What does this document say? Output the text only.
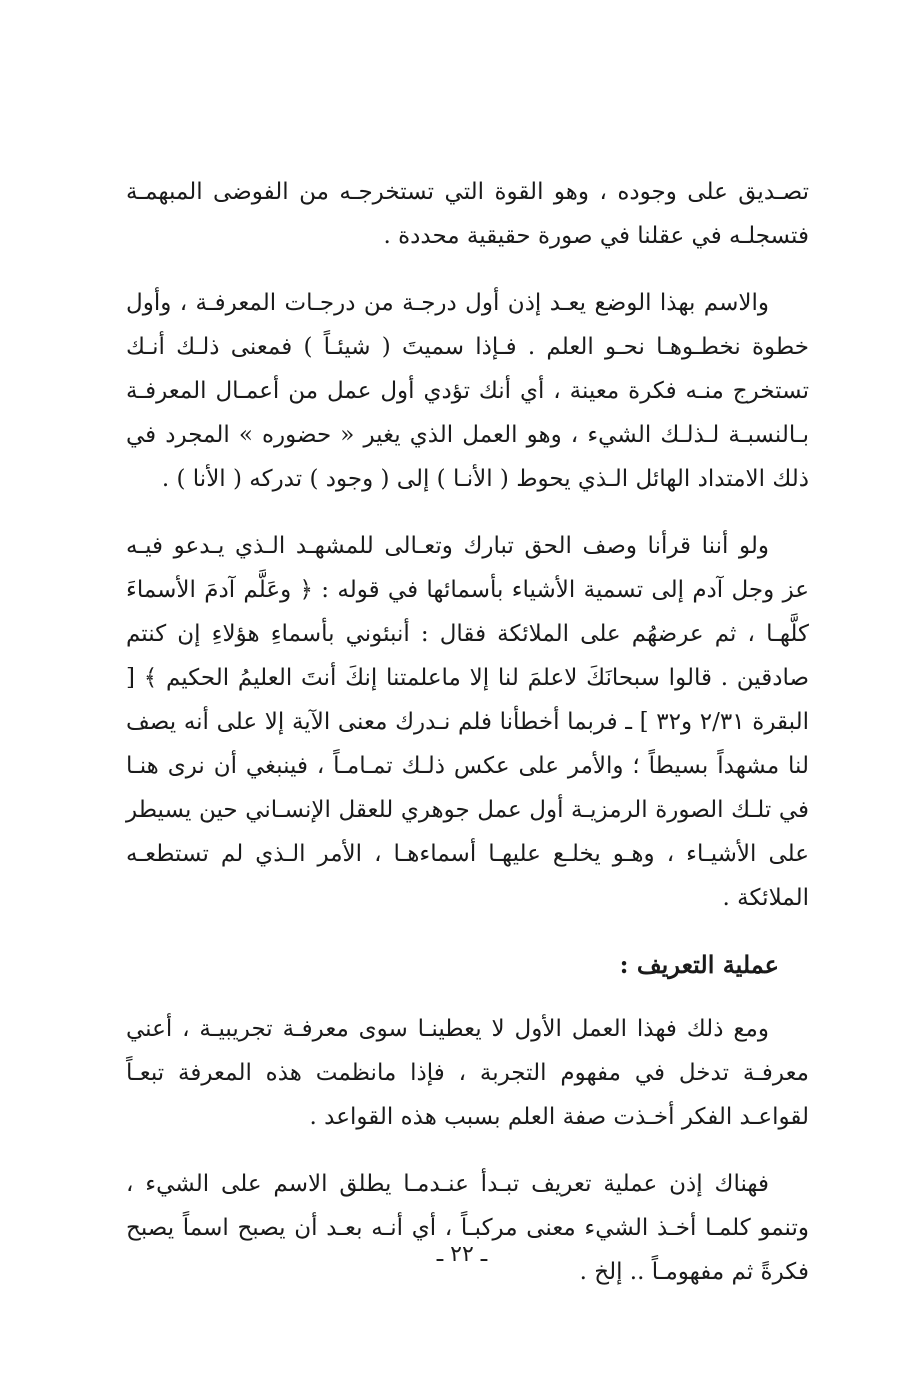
تصـديق على وجوده ، وهو القوة التي تستخرجـه من الفوضى المبهمـة فتسجلـه في عقلنا في صورة حقيقية محددة .

والاسم بهذا الوضع يعـد إذن أول درجـة من درجـات المعرفـة ، وأول خطوة نخطـوهـا نحـو العلم . فـإذا سميتَ ( شيئـاً ) فمعنى ذلـك أنـك تستخرج منـه فكرة معينة ، أي أنك تؤدي أول عمل من أعمـال المعرفـة بـالنسبـة لـذلـك الشيء ، وهو العمل الذي يغير « حضوره » المجرد في ذلك الامتداد الهائل الـذي يحوط ( الأنـا ) إلى ( وجود ) تدركه ( الأنا ) .

ولو أننا قرأنا وصف الحق تبارك وتعـالى للمشهـد الـذي يـدعو فيـه عز وجل آدم إلى تسمية الأشياء بأسمائها في قوله : ﴿ وعَلَّم آدمَ الأسماءَ كلَّهـا ، ثم عرضهُم على الملائكة فقال : أنبئوني بأسماءِ هؤلاءِ إن كنتم صادقين . قالوا سبحانَكَ لاعلمَ لنا إلا ماعلمتنا إنكَ أنتَ العليمُ الحكيم ﴾ [ البقرة ٢/٣١ و٣٢ ] ـ فربما أخطأنا فلم نـدرك معنى الآية إلا على أنه يصف لنا مشهداً بسيطاً ؛ والأمر على عكس ذلـك تمـامـاً ، فينبغي أن نرى هنـا في تلـك الصورة الرمزيـة أول عمل جوهري للعقل الإنسـاني حين يسيطر على الأشيـاء ، وهـو يخلـع عليهـا أسماءهـا ، الأمر الـذي لم تستطعـه الملائكة .

عملية التعريف :

ومع ذلك فهذا العمل الأول لا يعطينـا سوى معرفـة تجريبيـة ، أعني معرفـة تدخل في مفهوم التجربة ، فإذا مانظمت هذه المعرفة تبعـاً لقواعـد الفكر أخـذت صفة العلم بسبب هذه القواعد .

فهناك إذن عملية تعريف تبـدأ عنـدمـا يطلق الاسم على الشيء ، وتنمو كلمـا أخـذ الشيء معنى مركبـاً ، أي أنـه بعـد أن يصبح اسماً يصبح فكرةً ثم مفهومـاً .. إلخ .

ـ ٢٢ ـ
